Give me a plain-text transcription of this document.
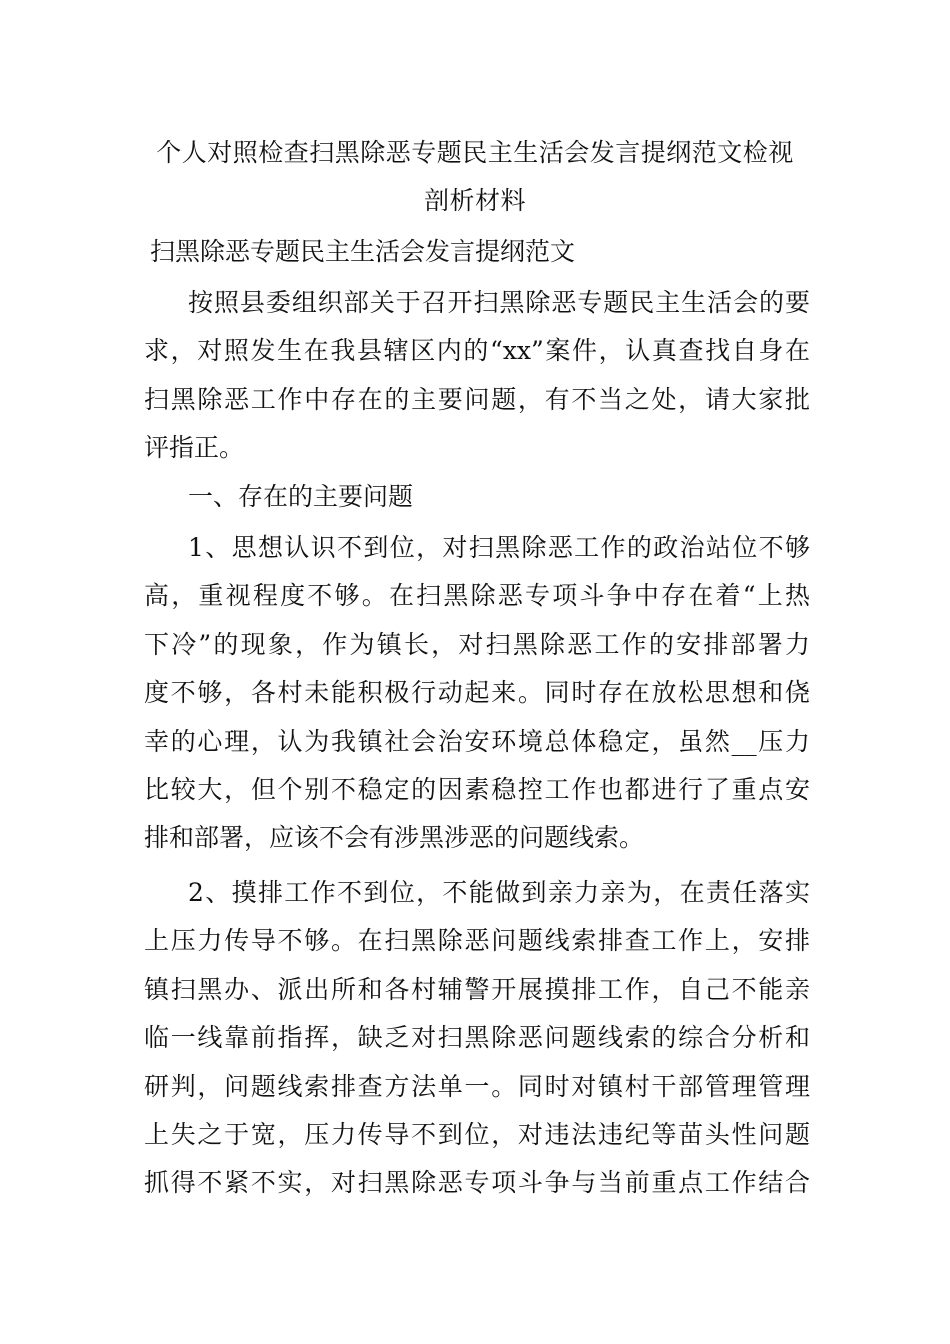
个人对照检查扫黑除恶专题民主生活会发言提纲范文检视
剖析材料
扫黑除恶专题民主生活会发言提纲范文
按照县委组织部关于召开扫黑除恶专题民主生活会的要
求，对照发生在我县辖区内的“xx”案件，认真查找自身在
扫黑除恶工作中存在的主要问题，有不当之处，请大家批
评指正。
一、存在的主要问题
1、思想认识不到位，对扫黑除恶工作的政治站位不够
高，重视程度不够。在扫黑除恶专项斗争中存在着“上热
下冷”的现象，作为镇长，对扫黑除恶工作的安排部署力
度不够，各村未能积极行动起来。同时存在放松思想和侥
幸的心理，认为我镇社会治安环境总体稳定，虽然__压力
比较大，但个别不稳定的因素稳控工作也都进行了重点安
排和部署，应该不会有涉黑涉恶的问题线索。
2、摸排工作不到位，不能做到亲力亲为，在责任落实
上压力传导不够。在扫黑除恶问题线索排查工作上，安排
镇扫黑办、派出所和各村辅警开展摸排工作，自己不能亲
临一线靠前指挥，缺乏对扫黑除恶问题线索的综合分析和
研判，问题线索排查方法单一。同时对镇村干部管理管理
上失之于宽，压力传导不到位，对违法违纪等苗头性问题
抓得不紧不实，对扫黑除恶专项斗争与当前重点工作结合
